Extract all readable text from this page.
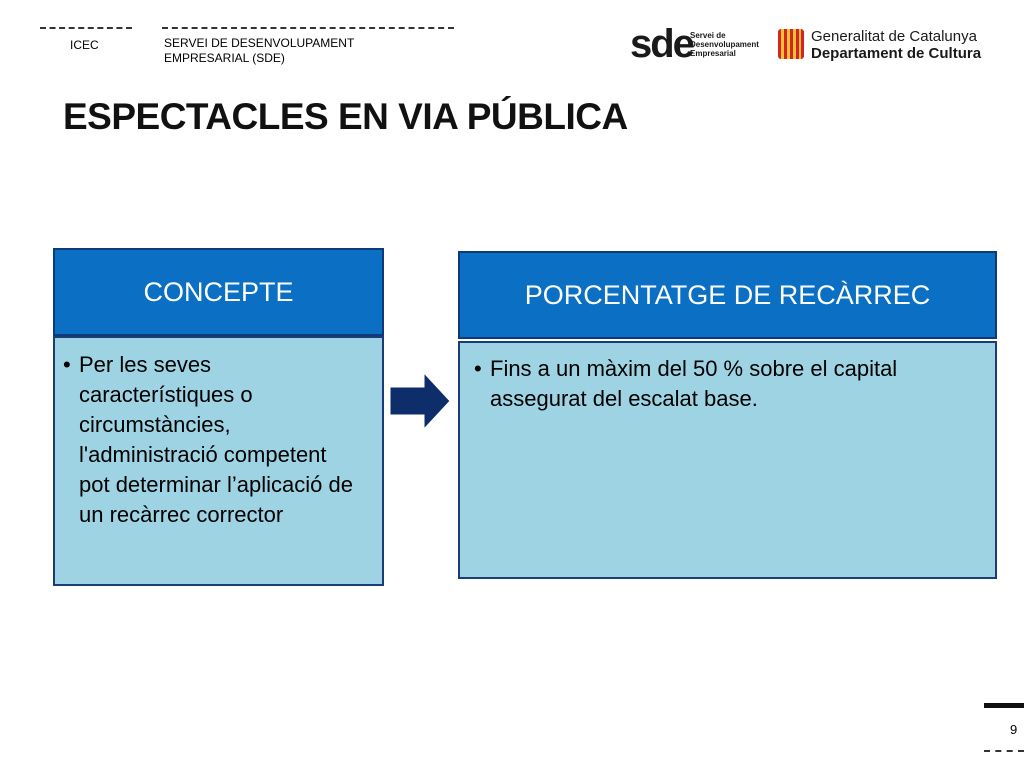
ICEC	SERVEI DE DESENVOLUPAMENT
EMPRESARIAL (SDE)	sde
Servei de
Desenvolupament
Empresarial
Generalitat de Catalunya
Departament de Cultura
ESPECTACLES EN VIA PÚBLICA
CONCEPTE
• Per les seves característiques o circumstàncies, l'administració competent pot determinar l’aplicació de un recàrrec corrector
PORCENTATGE DE RECÀRREC
• Fins a un màxim del 50 % sobre el capital assegurat del escalat base.
9
